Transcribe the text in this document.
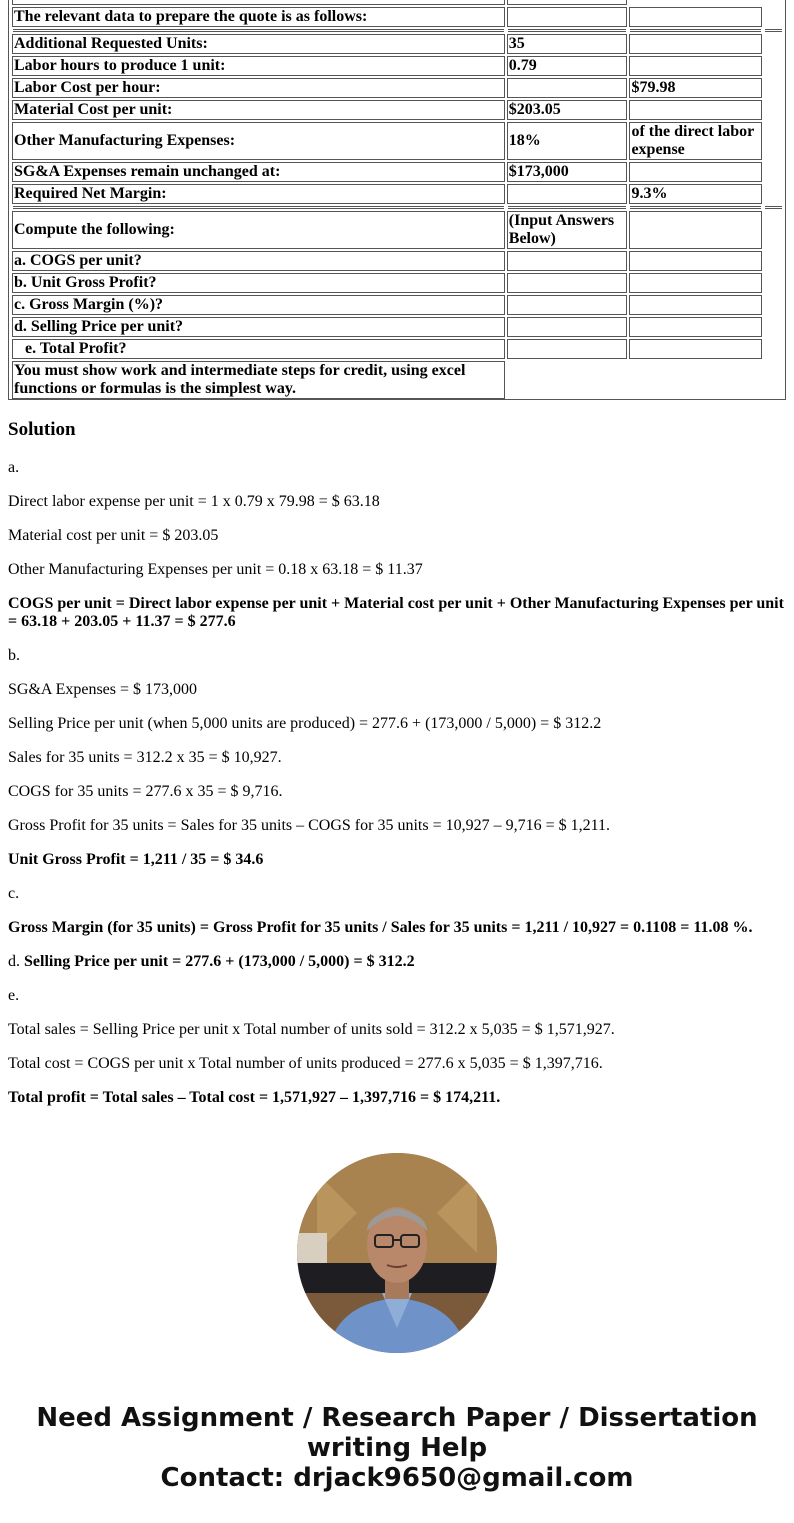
The relevant data to prepare the quote is as follows:			

Additional Requested Units:	35		

Labor hours to produce 1 unit:	0.79		

Labor Cost per hour:		$79.98	

Material Cost per unit:	$203.05		

Other Manufacturing Expenses:	18%	of the direct labor expense	

SG&A Expenses remain unchanged at:	$173,000		

Required Net Margin:		9.3%	

Compute the following:	(Input Answers Below)		

a. COGS per unit?			

b. Unit Gross Profit?			

c. Gross Margin (%)?			

d. Selling Price per unit?			

e. Total Profit?			

You must show work and intermediate steps for credit, using excel functions or formulas is the simplest way.			
Solution

a.

Direct labor expense per unit = 1 x 0.79 x 79.98 = $ 63.18

Material cost per unit = $ 203.05

Other Manufacturing Expenses per unit = 0.18 x 63.18 = $ 11.37

COGS per unit = Direct labor expense per unit + Material cost per unit + Other Manufacturing Expenses per unit = 63.18 + 203.05 + 11.37 = $ 277.6

b.

SG&A Expenses = $ 173,000

Selling Price per unit (when 5,000 units are produced) = 277.6 + (173,000 / 5,000) = $ 312.2

Sales for 35 units = 312.2 x 35 = $ 10,927.

COGS for 35 units = 277.6 x 35 = $ 9,716.

Gross Profit for 35 units = Sales for 35 units – COGS for 35 units = 10,927 – 9,716 = $ 1,211.

Unit Gross Profit = 1,211 / 35 = $ 34.6

c.

Gross Margin (for 35 units) = Gross Profit for 35 units / Sales for 35 units = 1,211 / 10,927 = 0.1108 = 11.08 %.

d. Selling Price per unit = 277.6 + (173,000 / 5,000) = $ 312.2

e.

Total sales = Selling Price per unit x Total number of units sold = 312.2 x 5,035 = $ 1,571,927.

Total cost = COGS per unit x Total number of units produced = 277.6 x 5,035 = $ 1,397,716.

Total profit = Total sales – Total cost = 1,571,927 – 1,397,716 = $ 174,211.

Need Assignment / Research Paper / Dissertation
writing Help
Contact: drjack9650@gmail.com
